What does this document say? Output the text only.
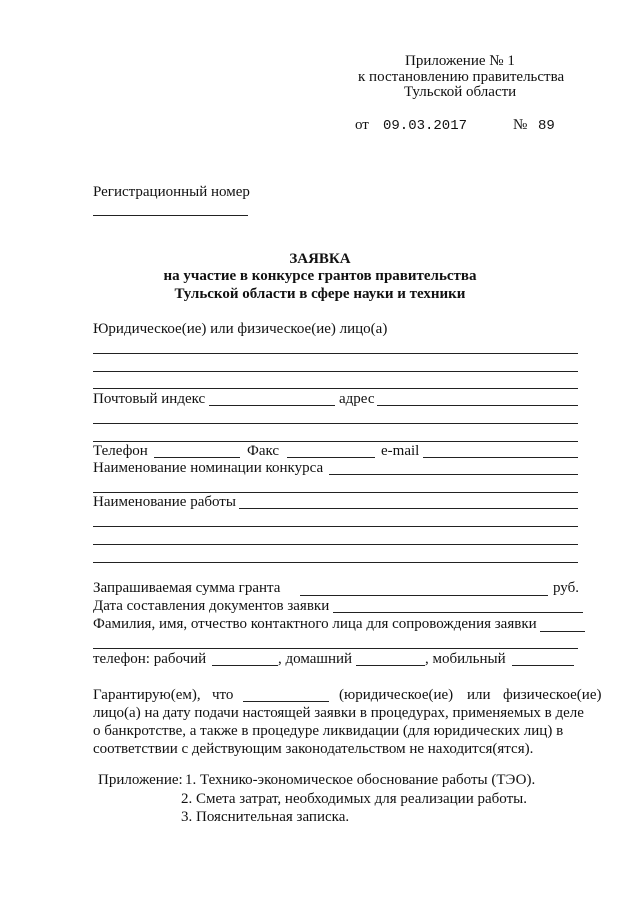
Приложение № 1
к постановлению правительства
Тульской области
от 09.03.2017	№ 89
Регистрационный номер
ЗАЯВКА
на участие в конкурсе грантов правительства
Тульской области в сфере науки и техники
Юридическое(ие) или физическое(ие) лицо(а)
Почтовый индекс	адрес
Телефон	Факс	e-mail
Наименование номинации конкурса
Наименование работы
Запрашиваемая сумма гранта	руб.
Дата составления документов заявки
Фамилия, имя, отчество контактного лица для сопровождения заявки
телефон: рабочий	, домашний	, мобильный
Гарантирую(ем), что	(юридическое(ие) или физическое(ие)
лицо(а) на дату подачи настоящей заявки в процедурах, применяемых в деле
о банкротстве, а также в процедуре ликвидации (для юридических лиц) в
соответствии с действующим законодательством не находится(ятся).
Приложение: 1. Технико-экономическое обоснование работы (ТЭО).
2. Смета затрат, необходимых для реализации работы.
3. Пояснительная записка.
